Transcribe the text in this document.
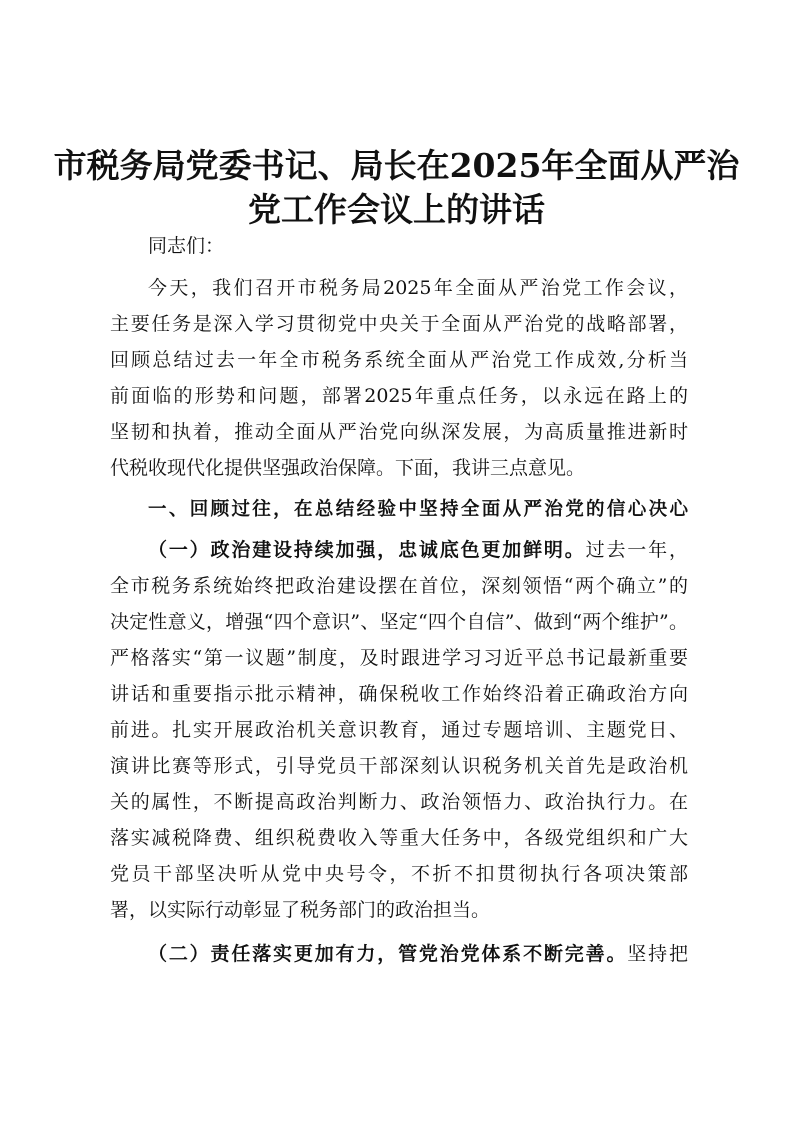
市税务局党委书记、局长在2025年全面从严治
党工作会议上的讲话
同志们：
今天，我们召开市税务局2025年全面从严治党工作会议，
主要任务是深入学习贯彻党中央关于全面从严治党的战略部署，
回顾总结过去一年全市税务系统全面从严治党工作成效,分析当
前面临的形势和问题，部署2025年重点任务，以永远在路上的
坚韧和执着，推动全面从严治党向纵深发展，为高质量推进新时
代税收现代化提供坚强政治保障。下面，我讲三点意见。
一、回顾过往，在总结经验中坚持全面从严治党的信心决心
（一）政治建设持续加强，忠诚底色更加鲜明。过去一年，
全市税务系统始终把政治建设摆在首位，深刻领悟“两个确立”的
决定性意义，增强“四个意识”、坚定“四个自信”、做到“两个维护”。
严格落实“第一议题”制度，及时跟进学习习近平总书记最新重要
讲话和重要指示批示精神，确保税收工作始终沿着正确政治方向
前进。扎实开展政治机关意识教育，通过专题培训、主题党日、
演讲比赛等形式，引导党员干部深刻认识税务机关首先是政治机
关的属性，不断提高政治判断力、政治领悟力、政治执行力。在
落实减税降费、组织税费收入等重大任务中，各级党组织和广大
党员干部坚决听从党中央号令，不折不扣贯彻执行各项决策部
署，以实际行动彰显了税务部门的政治担当。
（二）责任落实更加有力，管党治党体系不断完善。坚持把
